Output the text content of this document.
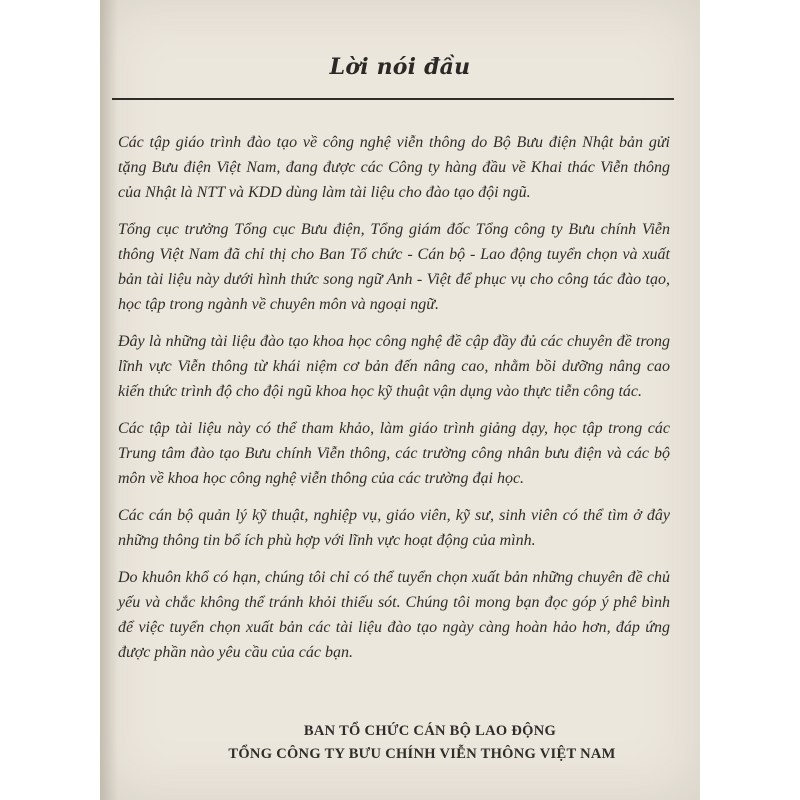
Lời nói đầu

Các tập giáo trình đào tạo về công nghệ viễn thông do Bộ Bưu điện Nhật bản gửi tặng Bưu điện Việt Nam, đang được các Công ty hàng đầu về Khai thác Viễn thông của Nhật là NTT và KDD dùng làm tài liệu cho đào tạo đội ngũ.

Tổng cục trưởng Tổng cục Bưu điện, Tổng giám đốc Tổng công ty Bưu chính Viễn thông Việt Nam đã chỉ thị cho Ban Tổ chức - Cán bộ - Lao động tuyển chọn và xuất bản tài liệu này dưới hình thức song ngữ Anh - Việt để phục vụ cho công tác đào tạo, học tập trong ngành về chuyên môn và ngoại ngữ.

Đây là những tài liệu đào tạo khoa học công nghệ đề cập đầy đủ các chuyên đề trong lĩnh vực Viễn thông từ khái niệm cơ bản đến nâng cao, nhằm bồi dưỡng nâng cao kiến thức trình độ cho đội ngũ khoa học kỹ thuật vận dụng vào thực tiễn công tác.

Các tập tài liệu này có thể tham khảo, làm giáo trình giảng dạy, học tập trong các Trung tâm đào tạo Bưu chính Viễn thông, các trường công nhân bưu điện và các bộ môn về khoa học công nghệ viễn thông của các trường đại học.

Các cán bộ quản lý kỹ thuật, nghiệp vụ, giáo viên, kỹ sư, sinh viên có thể tìm ở đây những thông tin bổ ích phù hợp với lĩnh vực hoạt động của mình.

Do khuôn khổ có hạn, chúng tôi chỉ có thể tuyển chọn xuất bản những chuyên đề chủ yếu và chắc không thể tránh khỏi thiếu sót. Chúng tôi mong bạn đọc góp ý phê bình để việc tuyển chọn xuất bản các tài liệu đào tạo ngày càng hoàn hảo hơn, đáp ứng được phần nào yêu cầu của các bạn.

BAN TỔ CHỨC CÁN BỘ LAO ĐỘNG
TỔNG CÔNG TY BƯU CHÍNH VIỄN THÔNG VIỆT NAM
